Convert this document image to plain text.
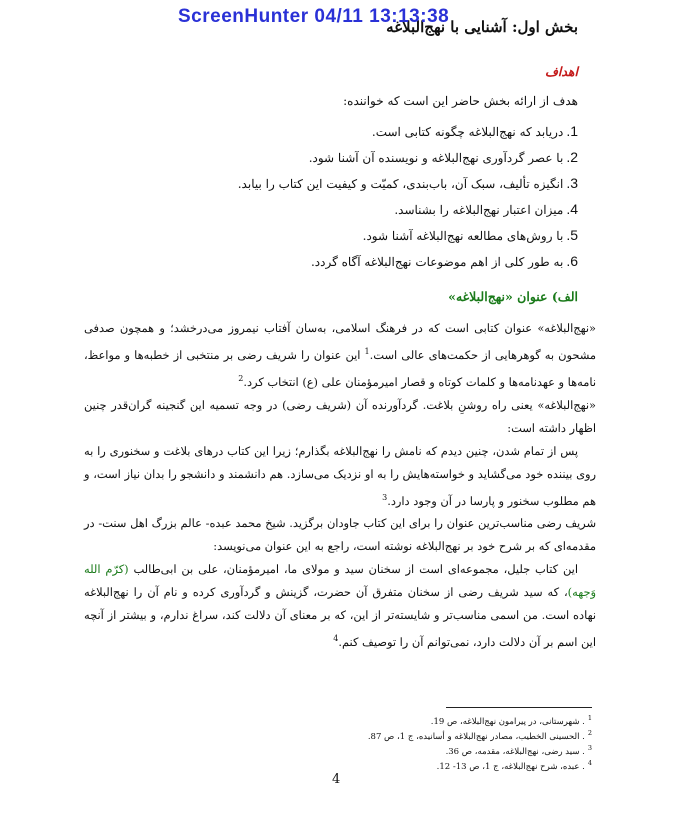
ScreenHunter 04/11 13:13:38
بخش اول: آشنایی با نهج‌البلاغه
اهداف
هدف از ارائه بخش حاضر این است که خواننده:
1.دریابد که نهج‌البلاغه چگونه کتابی است.
2.با عصر گردآوری نهج‌البلاغه و نویسنده آن آشنا شود.
3.انگیزه تألیف، سبک آن، باب‌بندی، کمیّت و کیفیت این کتاب را بیابد.
4.میزان اعتبار نهج‌البلاغه را بشناسد.
5.با روش‌های مطالعه نهج‌البلاغه آشنا شود.
6.به طور کلی از اهم موضوعات نهج‌البلاغه آگاه گردد.
الف) عنوان «نهج‌البلاغه»

«نهج‌البلاغه» عنوان کتابی است که در فرهنگ اسلامی، به‌سان آفتاب نیمروز می‌درخشد؛ و همچون صدفی مشحون به گوهرهایی از حکمت‌های عالی است.$^1$ این عنوان را شریف رضی بر منتخبی از خطبه‌ها و مواعظ، نامه‌ها و عهدنامه‌ها و کلمات کوتاه و قصار امیرمؤمنان علی (ع) انتخاب کرد.$^2$

«نهج‌البلاغه» یعنی راه روشنِ بلاغت. گردآورنده آن (شریف رضی) در وجه تسمیه این گنجینه گران‌قدر چنین اظهار داشته است:

پس از تمام شدن، چنین دیدم که نامش را نهج‌البلاغه بگذارم؛ زیرا این کتاب درهای بلاغت و سخنوری را به روی بیننده خود می‌گشاید و خواسته‌هایش را به او نزدیک می‌سازد. هم دانشمند و دانشجو را بدان نیاز است، و هم مطلوب سخنور و پارسا در آن وجود دارد.$^3$

شریف رضی مناسب‌ترین عنوان را برای این کتاب جاودان برگزید. شیخ محمد عبده- عالم بزرگ اهل سنت- در مقدمه‌ای که بر شرح خود بر نهج‌البلاغه نوشته است، راجع به این عنوان می‌نویسد:

این کتاب جلیل، مجموعه‌ای است از سخنان سید و مولای ما، امیرمؤمنان، علی بن ابی‌طالب (کرّم الله وَجهه)، که سید شریف رضی از سخنان متفرق آن حضرت، گزینش و گردآوری کرده و نام آن را نهج‌البلاغه نهاده است. من اسمی مناسب‌تر و شایسته‌تر از این، که بر معنای آن دلالت کند، سراغ ندارم، و بیشتر از آنچه این اسم بر آن دلالت دارد، نمی‌توانم آن را توصیف کنم.$^4$

$^1$. شهرستانی، در پیرامون نهج‌البلاغه، ص 19.
$^2$. الحسینی الخطیب، مصادر نهج‌البلاغه و أسانیده، ج 1، ص 87.
$^3$. سید رضی، نهج‌البلاغه، مقدمه، ص 36.
$^4$. عبده، شرح نهج‌البلاغه، ج 1، ص 13- 12.
4
